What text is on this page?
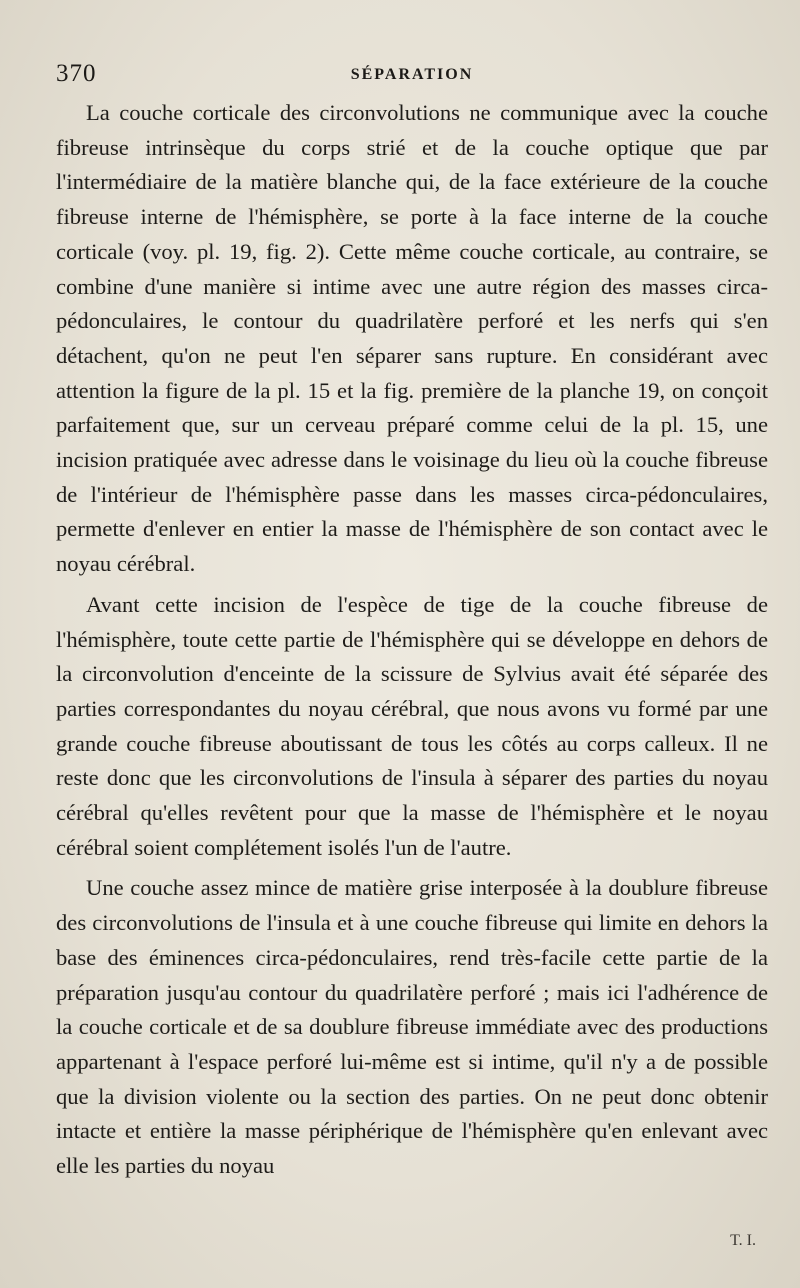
370	SÉPARATION

La couche corticale des circonvolutions ne communique avec la couche fibreuse intrinsèque du corps strié et de la couche optique que par l'intermédiaire de la matière blanche qui, de la face extérieure de la couche fibreuse interne de l'hémisphère, se porte à la face interne de la couche corticale (voy. pl. 19, fig. 2). Cette même couche corticale, au contraire, se combine d'une manière si intime avec une autre région des masses circa-pédonculaires, le contour du quadrilatère perforé et les nerfs qui s'en détachent, qu'on ne peut l'en séparer sans rupture. En considérant avec attention la figure de la pl. 15 et la fig. première de la planche 19, on conçoit parfaitement que, sur un cerveau préparé comme celui de la pl. 15, une incision pratiquée avec adresse dans le voisinage du lieu où la couche fibreuse de l'intérieur de l'hémisphère passe dans les masses circa-pédonculaires, permette d'enlever en entier la masse de l'hémisphère de son contact avec le noyau cérébral.

Avant cette incision de l'espèce de tige de la couche fibreuse de l'hémisphère, toute cette partie de l'hémisphère qui se développe en dehors de la circonvolution d'enceinte de la scissure de Sylvius avait été séparée des parties correspondantes du noyau cérébral, que nous avons vu formé par une grande couche fibreuse aboutissant de tous les côtés au corps calleux. Il ne reste donc que les circonvolutions de l'insula à séparer des parties du noyau cérébral qu'elles revêtent pour que la masse de l'hémisphère et le noyau cérébral soient complétement isolés l'un de l'autre.

Une couche assez mince de matière grise interposée à la doublure fibreuse des circonvolutions de l'insula et à une couche fibreuse qui limite en dehors la base des éminences circa-pédonculaires, rend très-facile cette partie de la préparation jusqu'au contour du quadrilatère perforé ; mais ici l'adhérence de la couche corticale et de sa doublure fibreuse immédiate avec des productions appartenant à l'espace perforé lui-même est si intime, qu'il n'y a de possible que la division violente ou la section des parties. On ne peut donc obtenir intacte et entière la masse périphérique de l'hémisphère qu'en enlevant avec elle les parties du noyau

T. I.
